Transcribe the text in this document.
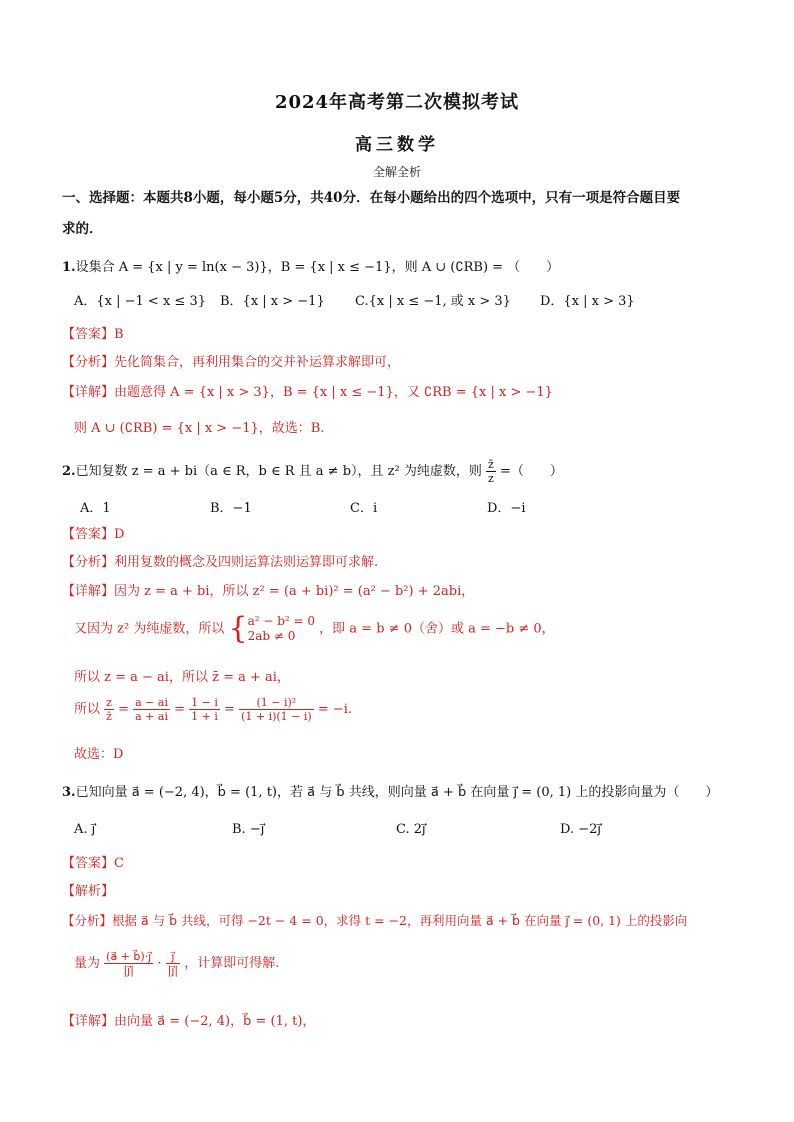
2024年高考第二次模拟考试
高三数学
全解全析
一、选择题：本题共8小题，每小题5分，共40分．在每小题给出的四个选项中，只有一项是符合题目要
求的．
1.设集合 A = {x | y = ln(x − 3)}，B = {x | x ≤ −1}，则 A ∪ (∁RB) = （　　）
A．{x | −1 < x ≤ 3} B．{x | x > −1} C.{x | x ≤ −1, 或 x > 3} D．{x | x > 3}
【答案】B
【分析】先化简集合，再利用集合的交并补运算求解即可，
【详解】由题意得 A = {x | x > 3}，B = {x | x ≤ −1}，又 ∁RB = {x | x > −1}
则 A ∪ (∁RB) = {x | x > −1}，故选：B.
2.已知复数 z = a + bi（a ∈ R，b ∈ R 且 a ≠ b），且 z² 为纯虚数，则 $\frac{z̄}{z}$ =（　　）
A．1	B．−1	C．i	D．−i
【答案】D
【分析】利用复数的概念及四则运算法则运算即可求解.
【详解】因为 z = a + bi，所以 z² = (a + bi)² = (a² − b²) + 2abi，
又因为 z² 为纯虚数，所以 { a² − b² = 0
2ab ≠ 0	，即 a = b ≠ 0（舍）或 a = −b ≠ 0，
所以 z = a − ai，所以 z̄ = a + ai，
所以 $\frac{z}{z̄} = \frac{a - ai}{a + ai} = \frac{1 - i}{1 + i} = \frac{\text{(1 − i)²}}{(1 + i)(1 - i)} = -i$.
故选：D
3.已知向量 a⃗ = (−2, 4)，b⃗ = (1, t)，若 a⃗ 与 b⃗ 共线，则向量 a⃗ + b⃗ 在向量 j⃗ = (0, 1) 上的投影向量为（　　）
A. j⃗	B. −j⃗	C. 2j⃗	D. −2j⃗
【答案】C
【解析】
【分析】根据 a⃗ 与 b⃗ 共线，可得 −2t − 4 = 0，求得 t = −2，再利用向量 a⃗ + b⃗ 在向量 j⃗ = (0, 1) 上的投影向
量为 $\frac{(a⃗ + b⃗)\cdot j⃗}{|j⃗|} \cdot \frac{j⃗}{|j⃗|}$ ，计算即可得解.
【详解】由向量 a⃗ = (−2, 4)，b⃗ = (1, t)，
